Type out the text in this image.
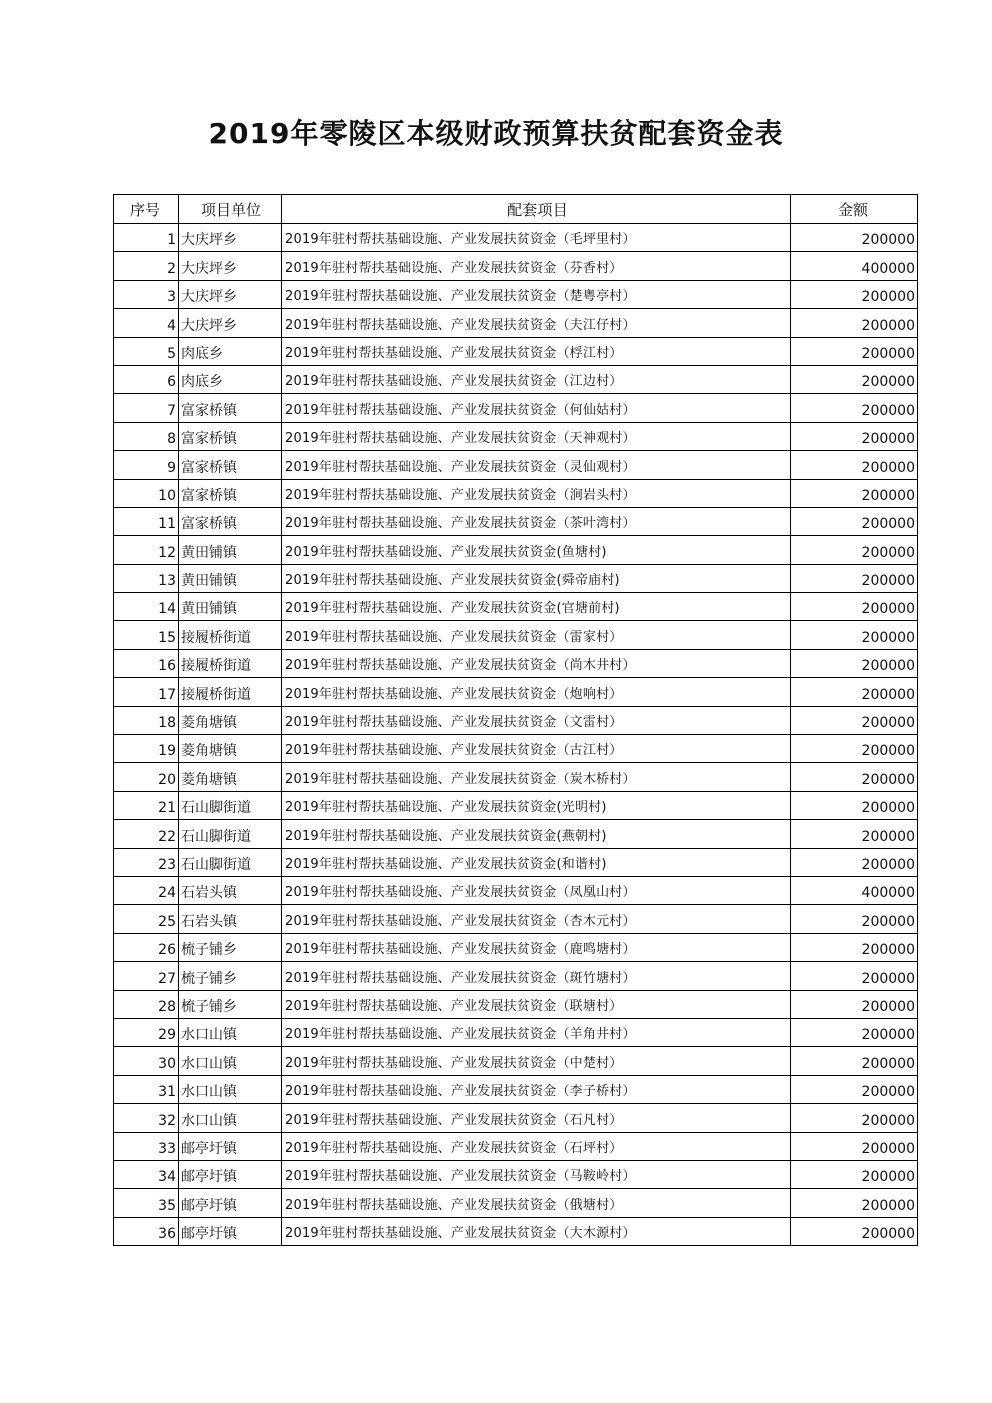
2019年零陵区本级财政预算扶贫配套资金表
序号	项目单位	配套项目	金额
1	大庆坪乡	2019年驻村帮扶基础设施、产业发展扶贫资金（毛坪里村）	200000
2	大庆坪乡	2019年驻村帮扶基础设施、产业发展扶贫资金（芬香村）	400000
3	大庆坪乡	2019年驻村帮扶基础设施、产业发展扶贫资金（楚粤亭村）	200000
4	大庆坪乡	2019年驻村帮扶基础设施、产业发展扶贫资金（夫江仔村）	200000
5	肉底乡	2019年驻村帮扶基础设施、产业发展扶贫资金（桴江村）	200000
6	肉底乡	2019年驻村帮扶基础设施、产业发展扶贫资金（江边村）	200000
7	富家桥镇	2019年驻村帮扶基础设施、产业发展扶贫资金（何仙姑村）	200000
8	富家桥镇	2019年驻村帮扶基础设施、产业发展扶贫资金（天神观村）	200000
9	富家桥镇	2019年驻村帮扶基础设施、产业发展扶贫资金（灵仙观村）	200000
10	富家桥镇	2019年驻村帮扶基础设施、产业发展扶贫资金（涧岩头村）	200000
11	富家桥镇	2019年驻村帮扶基础设施、产业发展扶贫资金（茶叶湾村）	200000
12	黄田铺镇	2019年驻村帮扶基础设施、产业发展扶贫资金(鱼塘村)	200000
13	黄田铺镇	2019年驻村帮扶基础设施、产业发展扶贫资金(舜帝庙村)	200000
14	黄田铺镇	2019年驻村帮扶基础设施、产业发展扶贫资金(官塘前村)	200000
15	接履桥街道	2019年驻村帮扶基础设施、产业发展扶贫资金（雷家村）	200000
16	接履桥街道	2019年驻村帮扶基础设施、产业发展扶贫资金（尚木井村）	200000
17	接履桥街道	2019年驻村帮扶基础设施、产业发展扶贫资金（炮响村）	200000
18	菱角塘镇	2019年驻村帮扶基础设施、产业发展扶贫资金（文雷村）	200000
19	菱角塘镇	2019年驻村帮扶基础设施、产业发展扶贫资金（古江村）	200000
20	菱角塘镇	2019年驻村帮扶基础设施、产业发展扶贫资金（炭木桥村）	200000
21	石山脚街道	2019年驻村帮扶基础设施、产业发展扶贫资金(光明村)	200000
22	石山脚街道	2019年驻村帮扶基础设施、产业发展扶贫资金(燕朝村)	200000
23	石山脚街道	2019年驻村帮扶基础设施、产业发展扶贫资金(和谐村)	200000
24	石岩头镇	2019年驻村帮扶基础设施、产业发展扶贫资金（凤凰山村）	400000
25	石岩头镇	2019年驻村帮扶基础设施、产业发展扶贫资金（杏木元村）	200000
26	梳子铺乡	2019年驻村帮扶基础设施、产业发展扶贫资金（鹿鸣塘村）	200000
27	梳子铺乡	2019年驻村帮扶基础设施、产业发展扶贫资金（斑竹塘村）	200000
28	梳子铺乡	2019年驻村帮扶基础设施、产业发展扶贫资金（联塘村）	200000
29	水口山镇	2019年驻村帮扶基础设施、产业发展扶贫资金（羊角井村）	200000
30	水口山镇	2019年驻村帮扶基础设施、产业发展扶贫资金（中楚村）	200000
31	水口山镇	2019年驻村帮扶基础设施、产业发展扶贫资金（李子桥村）	200000
32	水口山镇	2019年驻村帮扶基础设施、产业发展扶贫资金（石凡村）	200000
33	邮亭圩镇	2019年驻村帮扶基础设施、产业发展扶贫资金（石坪村）	200000
34	邮亭圩镇	2019年驻村帮扶基础设施、产业发展扶贫资金（马鞍岭村）	200000
35	邮亭圩镇	2019年驻村帮扶基础设施、产业发展扶贫资金（俄塘村）	200000
36	邮亭圩镇	2019年驻村帮扶基础设施、产业发展扶贫资金（大木源村）	200000
